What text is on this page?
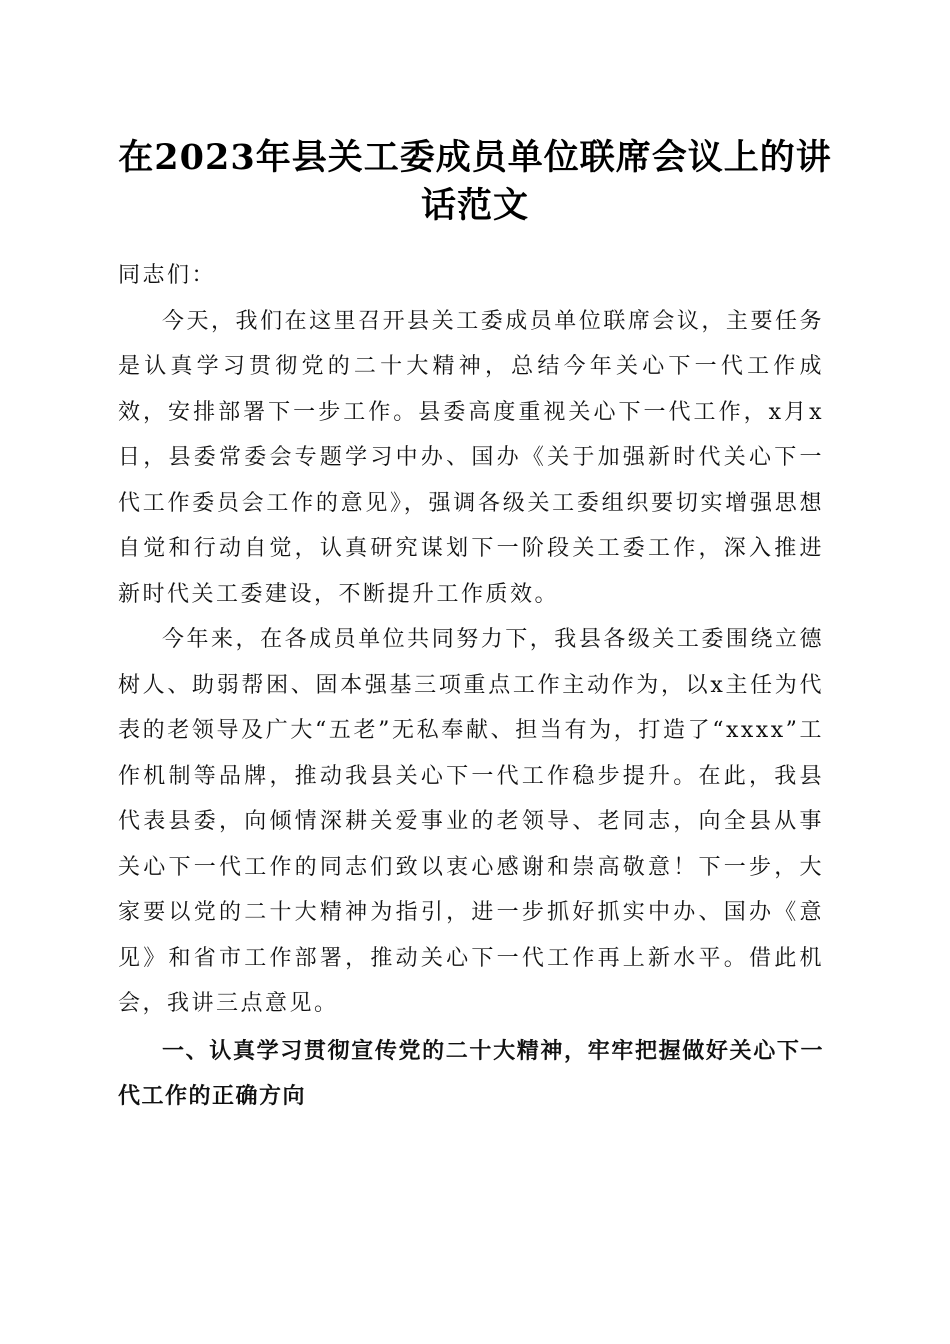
在2023年县关工委成员单位联席会议上的讲话范文

同志们：

今天，我们在这里召开县关工委成员单位联席会议，主要任务是认真学习贯彻党的二十大精神，总结今年关心下一代工作成效，安排部署下一步工作。县委高度重视关心下一代工作，x月x日，县委常委会专题学习中办、国办《关于加强新时代关心下一代工作委员会工作的意见》，强调各级关工委组织要切实增强思想自觉和行动自觉，认真研究谋划下一阶段关工委工作，深入推进新时代关工委建设，不断提升工作质效。

今年来，在各成员单位共同努力下，我县各级关工委围绕立德树人、助弱帮困、固本强基三项重点工作主动作为，以x主任为代表的老领导及广大“五老”无私奉献、担当有为，打造了“xxxx”工作机制等品牌，推动我县关心下一代工作稳步提升。在此，我县代表县委，向倾情深耕关爱事业的老领导、老同志，向全县从事关心下一代工作的同志们致以衷心感谢和崇高敬意！下一步，大家要以党的二十大精神为指引，进一步抓好抓实中办、国办《意见》和省市工作部署，推动关心下一代工作再上新水平。借此机会，我讲三点意见。

一、认真学习贯彻宣传党的二十大精神，牢牢把握做好关心下一代工作的正确方向
